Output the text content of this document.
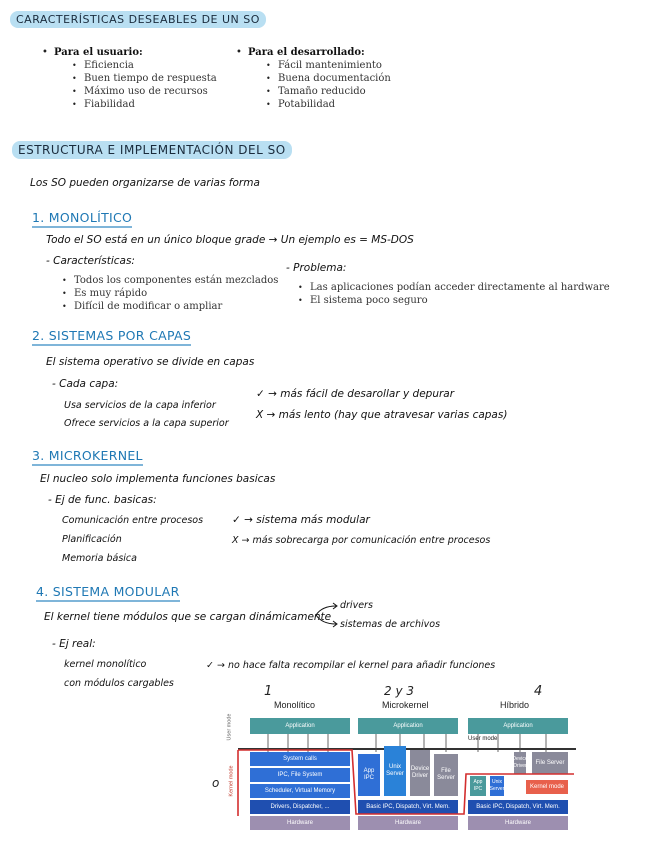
CARACTERÍSTICAS DESEABLES DE UN SO
• Para el usuario:
• Eficiencia
• Buen tiempo de respuesta
• Máximo uso de recursos
• Fiabilidad
• Para el desarrollado:
• Fácil mantenimiento
• Buena documentación
• Tamaño reducido
• Potabilidad
ESTRUCTURA E IMPLEMENTACIÓN DEL SO
Los SO pueden organizarse de varias forma
1. MONOLÍTICO
Todo el SO está en un único bloque grade → Un ejemplo es = MS-DOS
- Características:
• Todos los componentes están mezclados
• Es muy rápido
• Difícil de modificar o ampliar
- Problema:
• Las aplicaciones podían acceder directamente al hardware
• El sistema poco seguro
2. SISTEMAS POR CAPAS
El sistema operativo se divide en capas
- Cada capa:
Usa servicios de la capa inferior
Ofrece servicios a la capa superior
✓ → más fácil de desarollar y depurar
X → más lento (hay que atravesar varias capas)
3. MICROKERNEL
El nucleo solo implementa funciones basicas
- Ej de func. basicas:
Comunicación entre procesos
Planificación
Memoria básica
✓ → sistema más modular
X → más sobrecarga por comunicación entre procesos
4. SISTEMA MODULAR
El kernel tiene módulos que se cargan dinámicamente
drivers
sistemas de archivos
- Ej real:
kernel monolítico
con módulos cargables
✓ → no hace falta recompilar el kernel para añadir funciones
1	2 y 3	4
Monolítico	Microkernel	Híbrido
User mode
Kernel mode
o
Application	Application	Application
System calls
IPC, File System
Scheduler, Virtual Memory
Drivers, Dispatcher, ...
Hardware
App IPC
Unix Server
Device Driver
File Server
Basic IPC, Dispatch, Virt. Mem.
Hardware
User mode
App IPC
Unix Server
Device Driver
File Server
Kernel mode
Basic IPC, Dispatch, Virt. Mem.
Hardware
